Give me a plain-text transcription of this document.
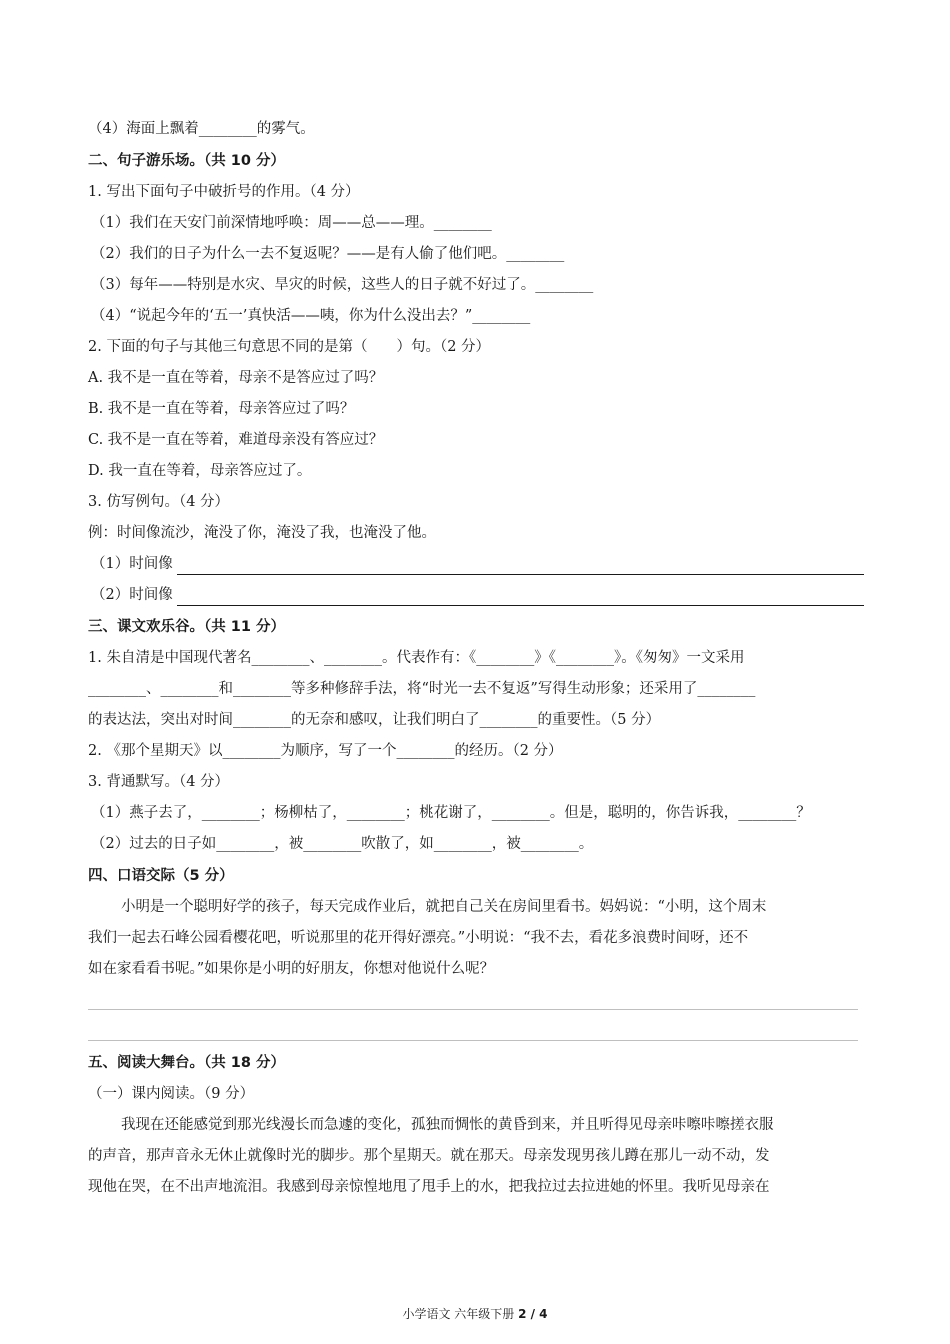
（4）海面上飘着________的雾气。
二、句子游乐场。（共 10 分）
1. 写出下面句子中破折号的作用。（4 分）
（1）我们在天安门前深情地呼唤：周——总——理。________
（2）我们的日子为什么一去不复返呢？——是有人偷了他们吧。________
（3）每年——特别是水灾、旱灾的时候，这些人的日子就不好过了。________
（4）“说起今年的‘五一’真快活——咦，你为什么没出去？”________
2. 下面的句子与其他三句意思不同的是第（　　）句。（2 分）
A. 我不是一直在等着，母亲不是答应过了吗？
B. 我不是一直在等着，母亲答应过了吗？
C. 我不是一直在等着，难道母亲没有答应过？
D. 我一直在等着，母亲答应过了。
3. 仿写例句。（4 分）
例：时间像流沙，淹没了你，淹没了我，也淹没了他。
（1）时间像
（2）时间像
三、课文欢乐谷。（共 11 分）
1. 朱自清是中国现代著名________、________。代表作有：《________》《________》。《匆匆》一文采用
________、________和________等多种修辞手法，将“时光一去不复返”写得生动形象；还采用了________
的表达法，突出对时间________的无奈和感叹，让我们明白了________的重要性。（5 分）
2. 《那个星期天》以________为顺序，写了一个________的经历。（2 分）
3. 背通默写。（4 分）
（1）燕子去了，________；杨柳枯了，________；桃花谢了，________。但是，聪明的，你告诉我，________？
（2）过去的日子如________，被________吹散了，如________，被________。
四、口语交际（5 分）
小明是一个聪明好学的孩子，每天完成作业后，就把自己关在房间里看书。妈妈说：“小明，这个周末
我们一起去石峰公园看樱花吧，听说那里的花开得好漂亮。”小明说：“我不去，看花多浪费时间呀，还不
如在家看看书呢。”如果你是小明的好朋友，你想对他说什么呢？
五、阅读大舞台。（共 18 分）
（一）课内阅读。（9 分）
我现在还能感觉到那光线漫长而急遽的变化，孤独而惆怅的黄昏到来，并且听得见母亲咔嚓咔嚓搓衣服
的声音，那声音永无休止就像时光的脚步。那个星期天。就在那天。母亲发现男孩儿蹲在那儿一动不动，发
现他在哭，在不出声地流泪。我感到母亲惊惶地甩了甩手上的水，把我拉过去拉进她的怀里。我听见母亲在
小学语文 六年级下册 2 / 4
